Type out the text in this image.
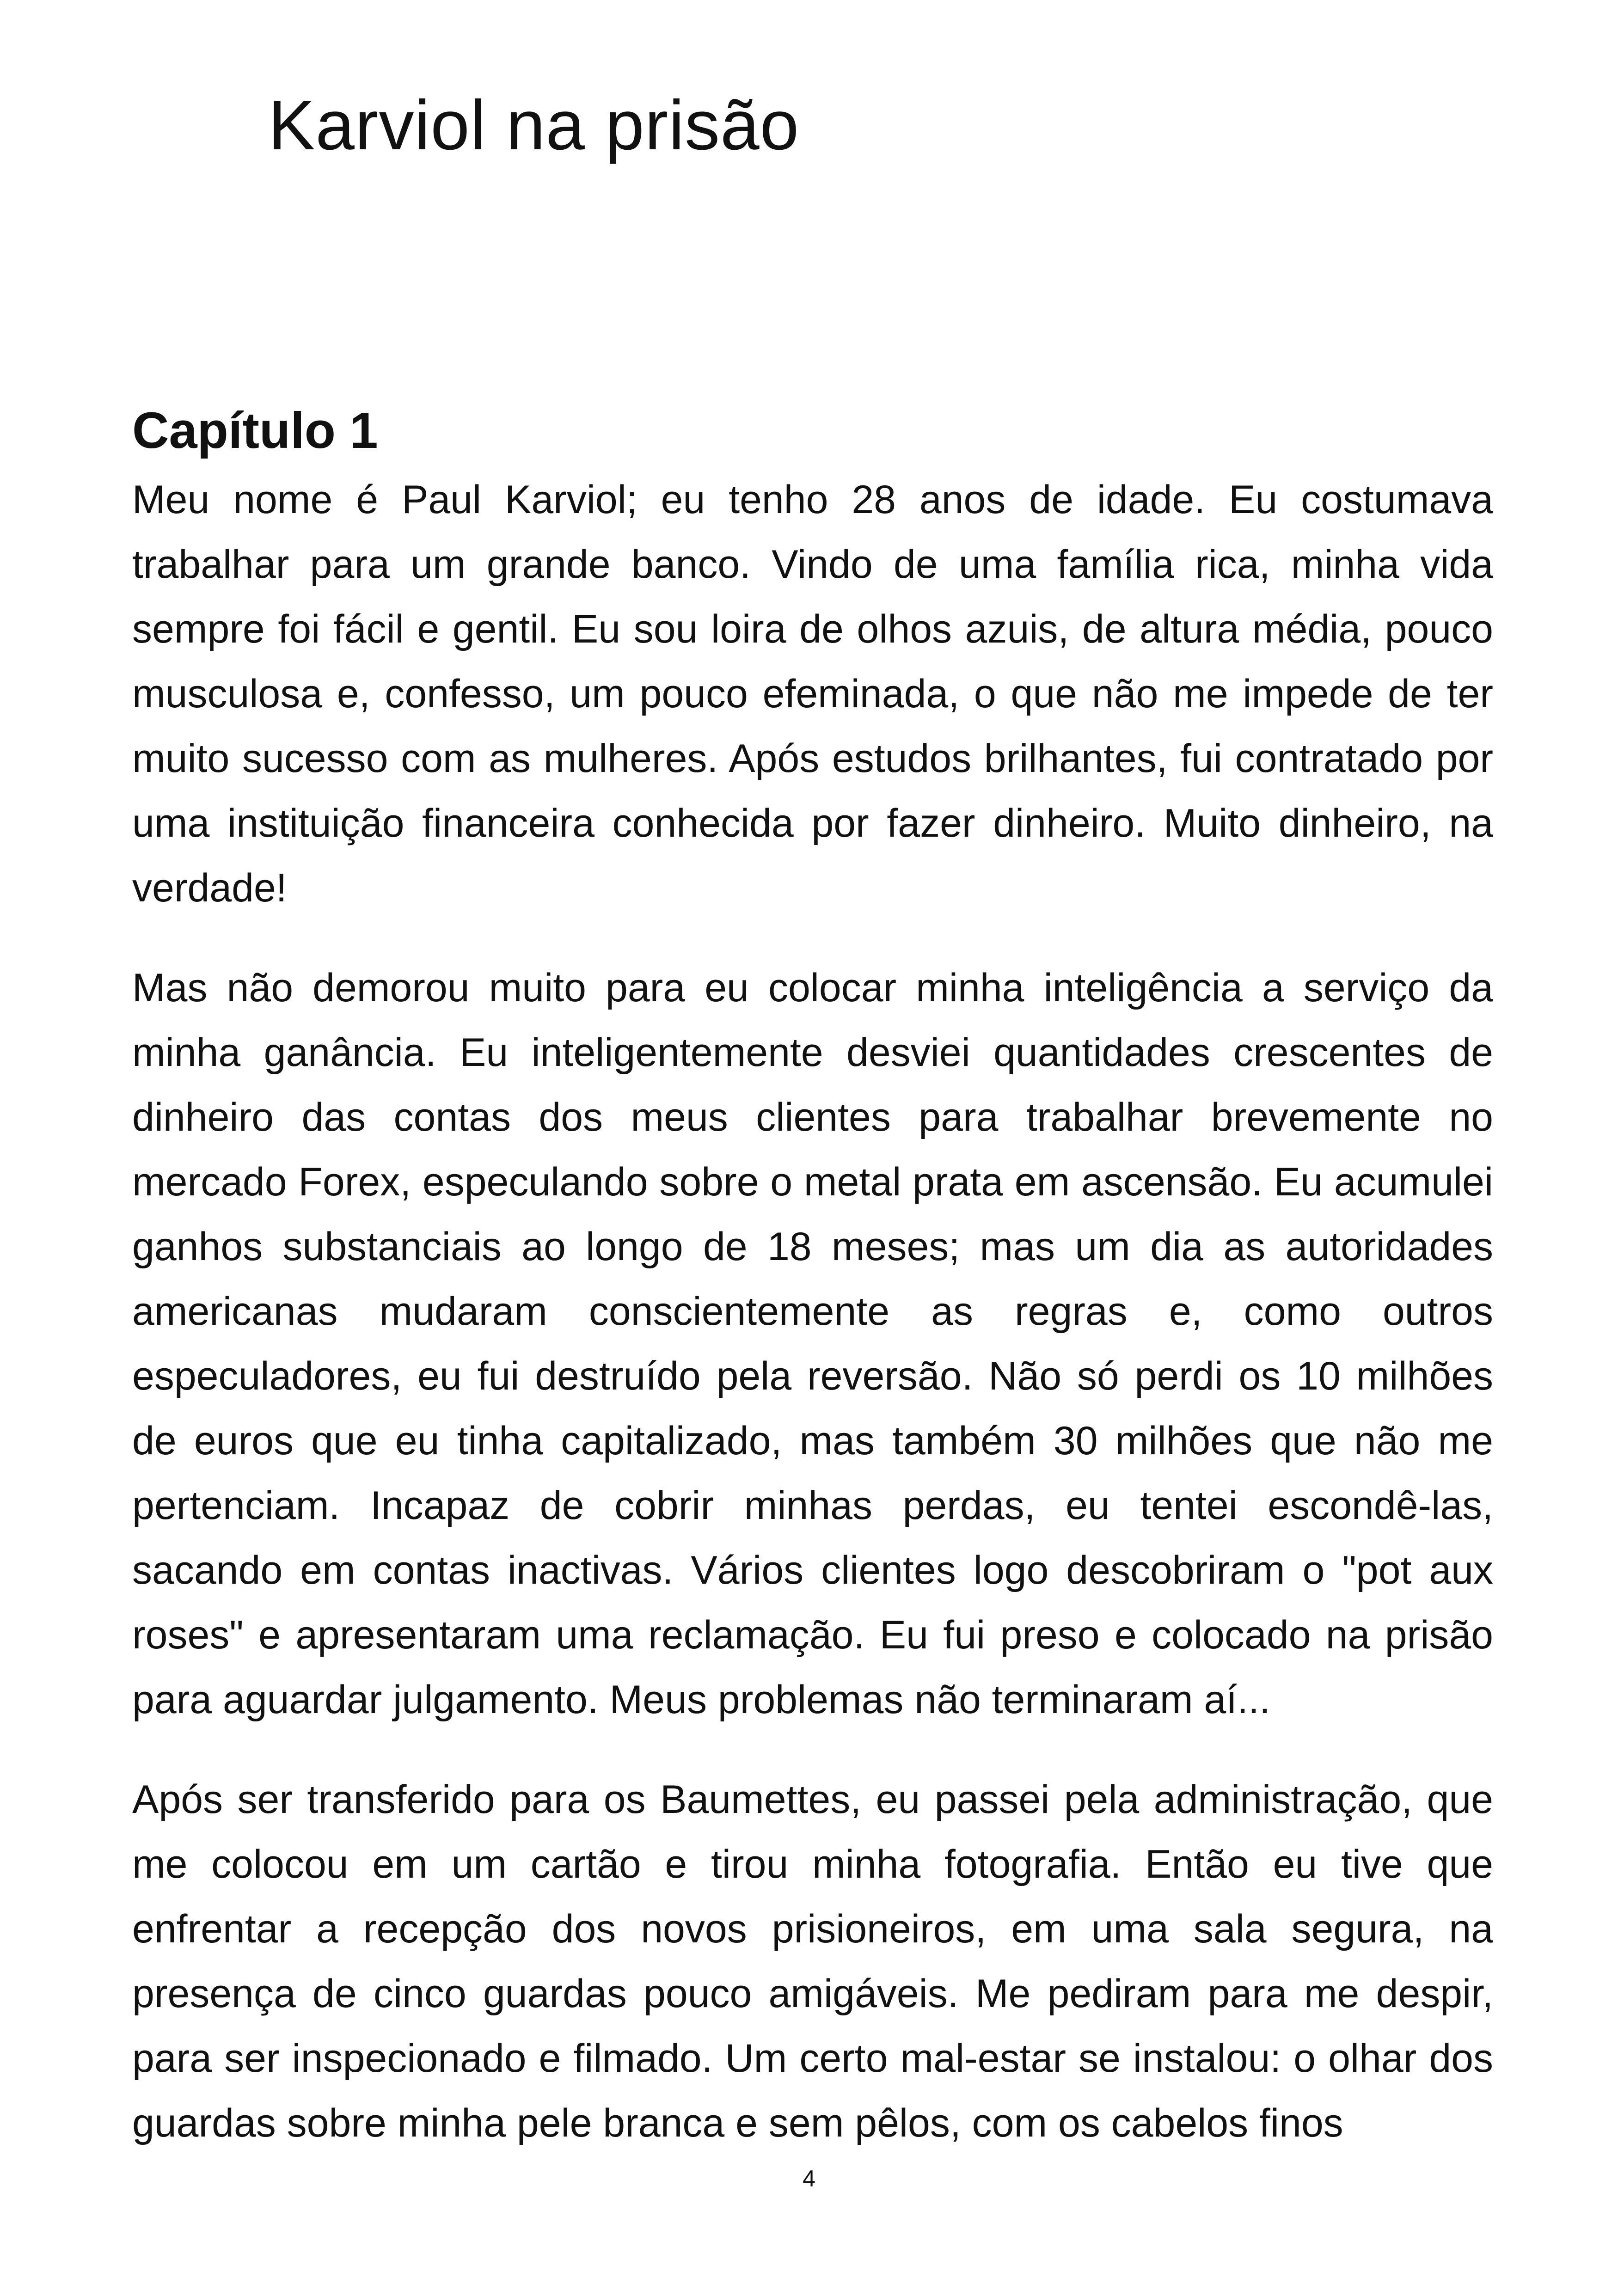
Karviol na prisão
Capítulo 1

Meu nome é Paul Karviol; eu tenho 28 anos de idade. Eu costumava trabalhar para um grande banco. Vindo de uma família rica, minha vida sempre foi fácil e gentil. Eu sou loira de olhos azuis, de altura média, pouco musculosa e, confesso, um pouco efeminada, o que não me impede de ter muito sucesso com as mulheres. Após estudos brilhantes, fui contratado por uma instituição financeira conhecida por fazer dinheiro. Muito dinheiro, na verdade!

Mas não demorou muito para eu colocar minha inteligência a serviço da minha ganância. Eu inteligentemente desviei quantidades crescentes de dinheiro das contas dos meus clientes para trabalhar brevemente no mercado Forex, especulando sobre o metal prata em ascensão. Eu acumulei ganhos substanciais ao longo de 18 meses; mas um dia as autoridades americanas mudaram conscientemente as regras e, como outros especuladores, eu fui destruído pela reversão. Não só perdi os 10 milhões de euros que eu tinha capitalizado, mas também 30 milhões que não me pertenciam. Incapaz de cobrir minhas perdas, eu tentei escondê-las, sacando em contas inactivas. Vários clientes logo descobriram o "pot aux roses" e apresentaram uma reclamação. Eu fui preso e colocado na prisão para aguardar julgamento. Meus problemas não terminaram aí...

Após ser transferido para os Baumettes, eu passei pela administração, que me colocou em um cartão e tirou minha fotografia. Então eu tive que enfrentar a recepção dos novos prisioneiros, em uma sala segura, na presença de cinco guardas pouco amigáveis. Me pediram para me despir, para ser inspecionado e filmado. Um certo mal-estar se instalou: o olhar dos guardas sobre minha pele branca e sem pêlos, com os cabelos finos

4
